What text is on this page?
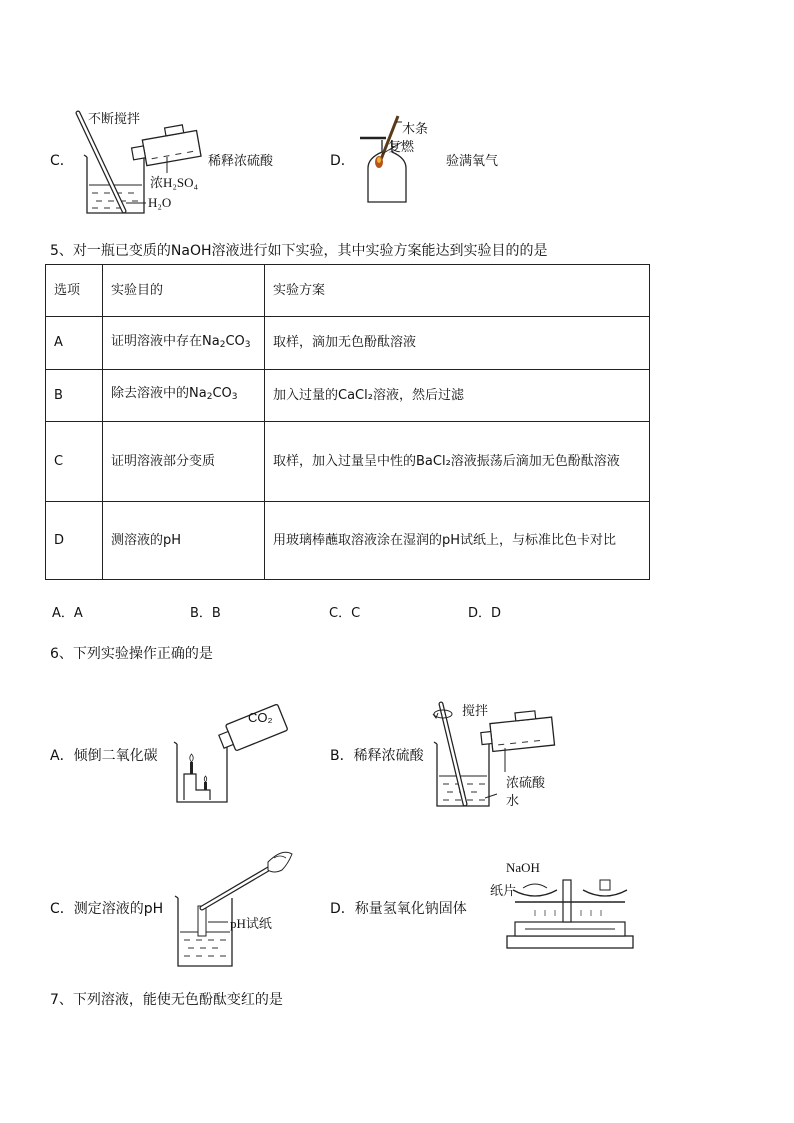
C．
不断搅拌
稀释浓硫酸
浓H₂SO₄
H₂O
D．
木条
复燃
验满氧气
5、对一瓶已变质的NaOH溶液进行如下实验，其中实验方案能达到实验目的的是
选项	实验目的	实验方案
A	证明溶液中存在$Na_2CO_3$	取样，滴加无色酚酞溶液
B	除去溶液中的$Na_2CO_3$	加入过量的CaCl₂溶液，然后过滤
C	证明溶液部分变质	取样，加入过量呈中性的BaCl₂溶液振荡后滴加无色酚酞溶液
D	测溶液的pH	用玻璃棒蘸取溶液涂在湿润的pH试纸上，与标准比色卡对比
A．A	B．B	C．C	D．D
6、下列实验操作正确的是
A．倾倒二氧化碳
CO₂
B．稀释浓硫酸
搅拌
浓硫酸
水
C．测定溶液的pH
pH试纸
D．称量氢氧化钠固体
NaOH
纸片
7、下列溶液，能使无色酚酞变红的是
